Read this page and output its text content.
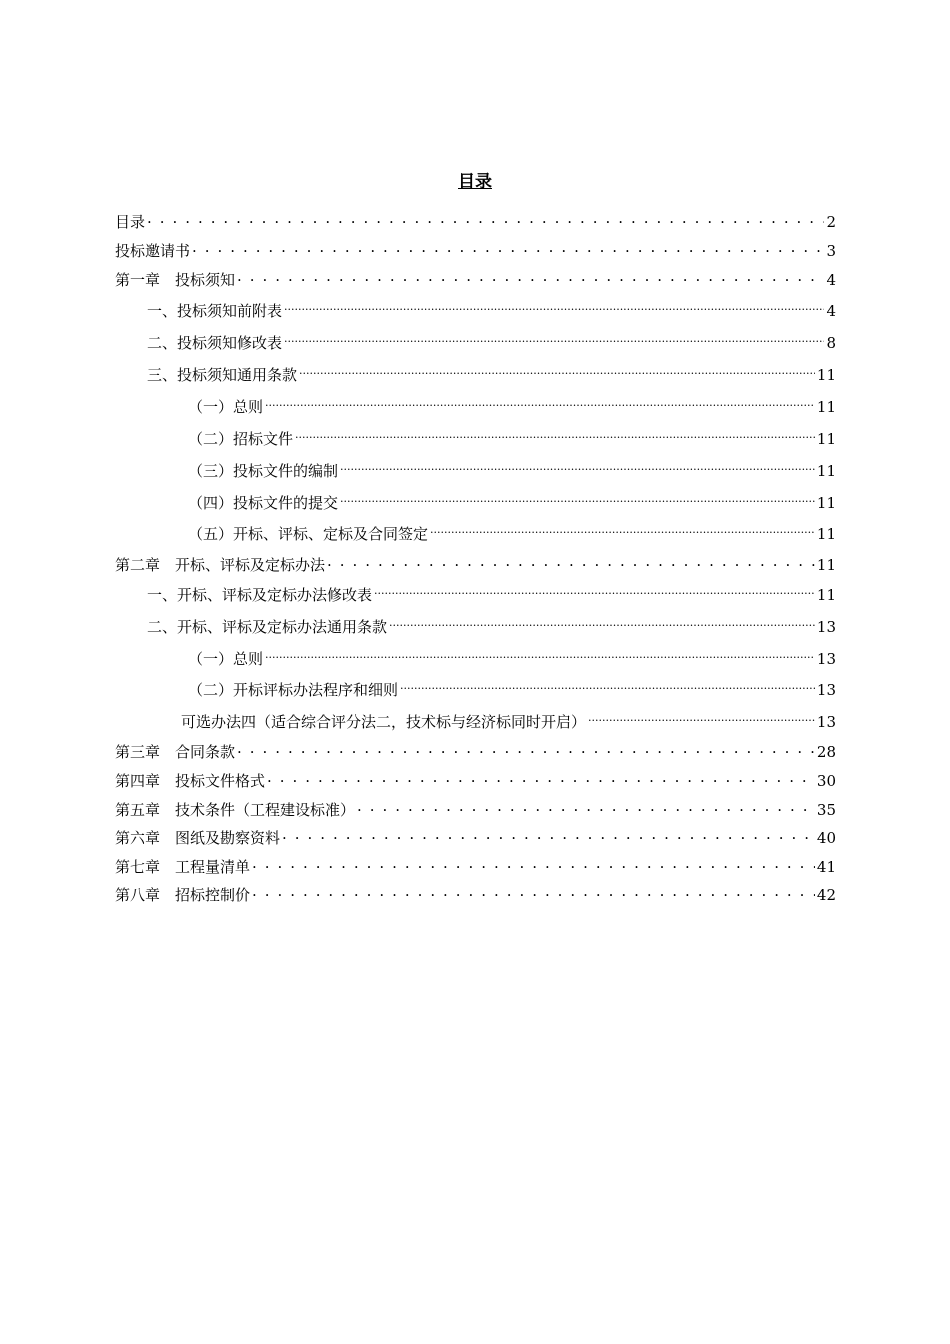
目录
目录 . . .	2
投标邀请书 . . .	3
第一章　投标须知 . . .	4
一、投标须知前附表 .....	4
二、投标须知修改表 .....	8
三、投标须知通用条款 .....	11
（一）总则 .....	11
（二）招标文件 .....	11
（三）投标文件的编制 .....	11
（四）投标文件的提交 .....	11
（五）开标、评标、定标及合同签定 .....	11
第二章　开标、评标及定标办法 . . .	11
一、开标、评标及定标办法修改表 .....	11
二、开标、评标及定标办法通用条款 .....	13
（一）总则 .....	13
（二）开标评标办法程序和细则 .....	13
可选办法四（适合综合评分法二，技术标与经济标同时开启） .....	13
第三章　合同条款 . . .	28
第四章　投标文件格式 . . .	30
第五章　技术条件（工程建设标准） . . .	35
第六章　图纸及勘察资料 . . .	40
第七章　工程量清单 . . .	41
第八章　招标控制价 . . .	42
